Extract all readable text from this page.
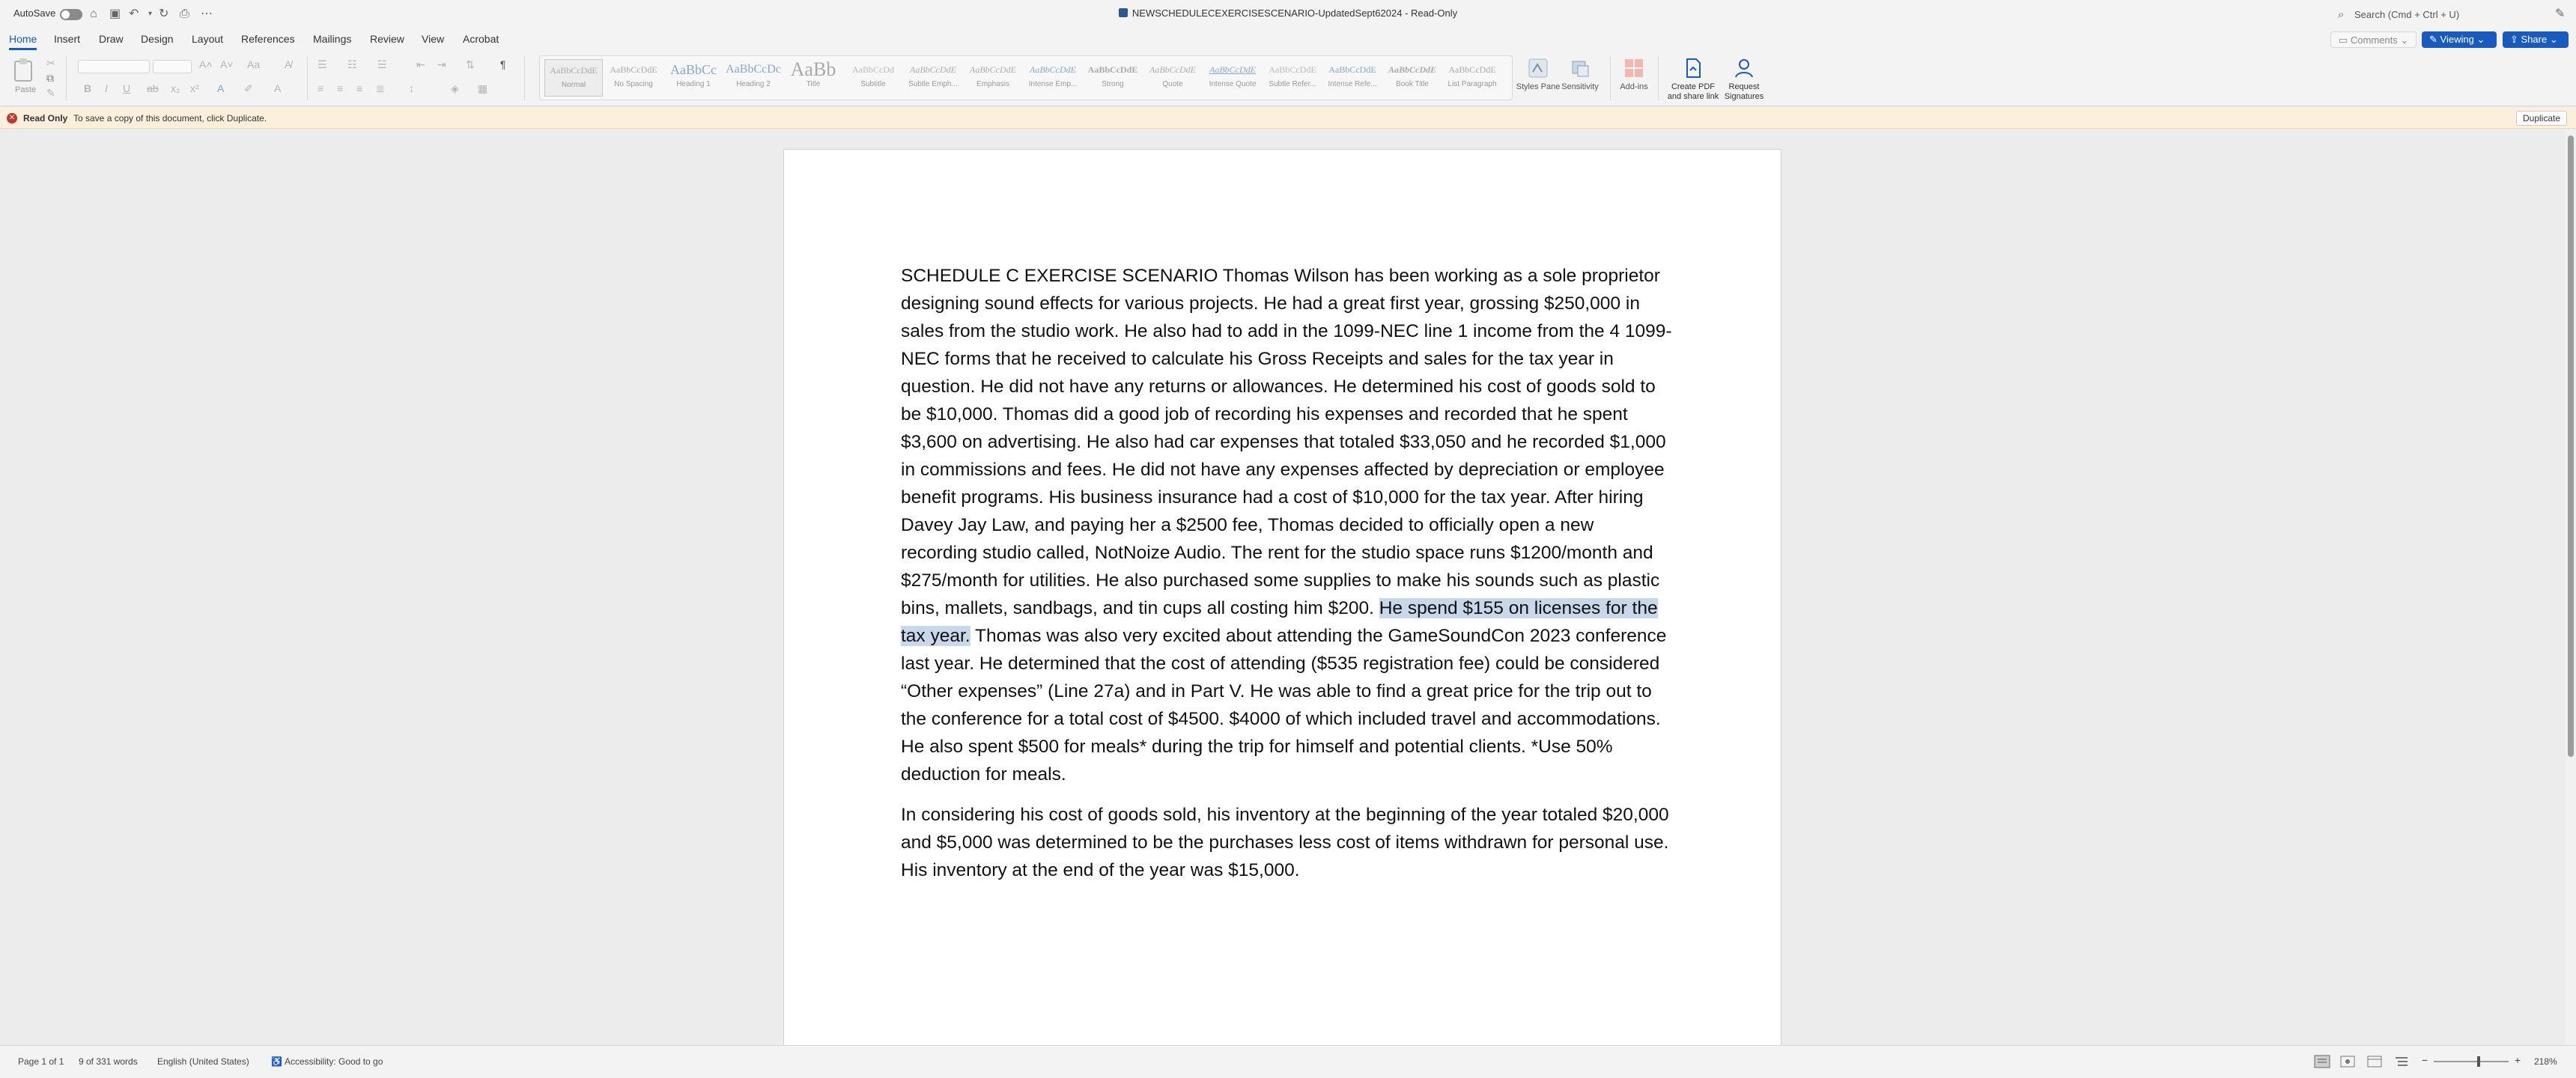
AutoSave	⌂ ▣ ↶ ▾ ↻ ⎙ ⋯	NEWSCHEDULECEXERCISESCENARIO-UpdatedSept62024 - Read-Only	⌕ Search (Cmd + Ctrl + U)	✎
Home Insert Draw Design Layout References Mailings Review View Acrobat	▭ Comments ⌄	✎ Viewing ⌄	⇪ Share ⌄
Paste
✂
⧉
✎
A˄ A˅ Aa A̸
B I U ab x₂ x² A ✐ A
☰ ☷ ☱	⇤ ⇥ ⇅ ¶
≡ ≡ ≡ ≣ ↕	◈ ▦
AaBbCcDdE
Normal
AaBbCcDdE
No Spacing
AaBbCc
Heading 1
AaBbCcDc
Heading 2
AaBb
Title
AaBbCcDd
Subtitle
AaBbCcDdE
Subtle Emph...
AaBbCcDdE
Emphasis
AaBbCcDdE
Intense Emp...
AaBbCcDdE
Strong
AaBbCcDdE
Quote
AaBbCcDdE
Intense Quote
AaBbCcDdE
Subtle Refer...
AaBbCcDdE
Intense Refe...
AaBbCcDdE
Book Title
AaBbCcDdE
List Paragraph	Styles Pane Sensitivity	Add-ins	Create PDF and share link
Request Signatures
✕ Read Only To save a copy of this document, click Duplicate.	Duplicate

SCHEDULE C EXERCISE SCENARIO Thomas Wilson has been working as a sole proprietor designing sound effects for various projects. He had a great first year, grossing $250,000 in sales from the studio work. He also had to add in the 1099-NEC line 1 income from the 4 1099-NEC forms that he received to calculate his Gross Receipts and sales for the tax year in question. He did not have any returns or allowances. He determined his cost of goods sold to be $10,000. Thomas did a good job of recording his expenses and recorded that he spent $3,600 on advertising. He also had car expenses that totaled $33,050 and he recorded $1,000 in commissions and fees. He did not have any expenses affected by depreciation or employee benefit programs. His business insurance had a cost of $10,000 for the tax year. After hiring Davey Jay Law, and paying her a $2500 fee, Thomas decided to officially open a new recording studio called, NotNoize Audio. The rent for the studio space runs $1200/month and $275/month for utilities. He also purchased some supplies to make his sounds such as plastic bins, mallets, sandbags, and tin cups all costing him $200. He spend $155 on licenses for the tax year. Thomas was also very excited about attending the GameSoundCon 2023 conference last year. He determined that the cost of attending ($535 registration fee) could be considered “Other expenses” (Line 27a) and in Part V. He was able to find a great price for the trip out to the conference for a total cost of $4500. $4000 of which included travel and accommodations. He also spent $500 for meals* during the trip for himself and potential clients. *Use 50% deduction for meals.

In considering his cost of goods sold, his inventory at the beginning of the year totaled $20,000 and $5,000 was determined to be the purchases less cost of items withdrawn for personal use. His inventory at the end of the year was $15,000.

Page 1 of 1 9 of 331 words English (United States) ♿ Accessibility: Good to go	−	+ 218%
